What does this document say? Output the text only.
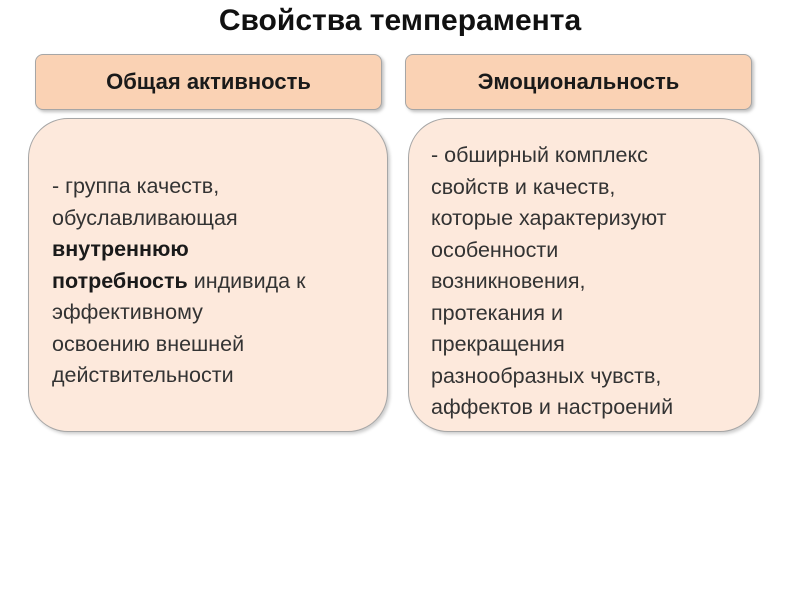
Свойства темперамента
Общая активность	Эмоциональность
- группа качеств,
обуславливающая
внутреннюю
потребность индивида к
эффективному
освоению внешней
действительности
- обширный комплекс
свойств и качеств,
которые характеризуют
особенности
возникновения,
протекания и
прекращения
разнообразных чувств,
аффектов и настроений
